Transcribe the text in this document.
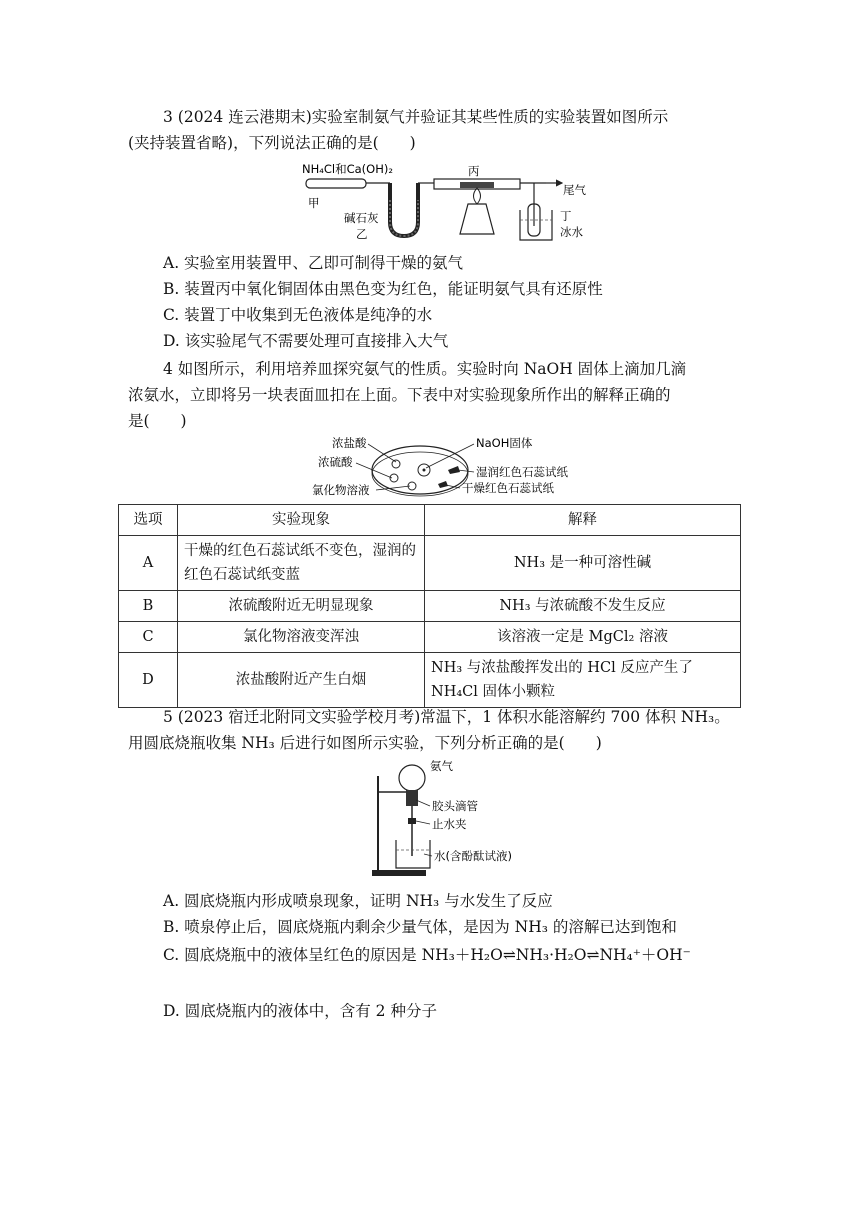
3 (2024 连云港期末)实验室制氨气并验证其某些性质的实验装置如图所示
(夹持装置省略)，下列说法正确的是(　　)
NH₄Cl和Ca(OH)₂	丙
甲
碱石灰
乙
尾气
丁
冰水
A. 实验室用装置甲、乙即可制得干燥的氨气
B. 装置丙中氧化铜固体由黑色变为红色，能证明氨气具有还原性
C. 装置丁中收集到无色液体是纯净的水
D. 该实验尾气不需要处理可直接排入大气
4 如图所示，利用培养皿探究氨气的性质。实验时向 NaOH 固体上滴加几滴
浓氨水，立即将另一块表面皿扣在上面。下表中对实验现象所作出的解释正确的
是(　　)
浓盐酸
浓硫酸
氯化物溶液
NaOH固体
湿润红色石蕊试纸
干燥红色石蕊试纸
选项	实验现象	解释
A	干燥的红色石蕊试纸不变色，湿润的红色石蕊试纸变蓝	NH₃ 是一种可溶性碱
B	浓硫酸附近无明显现象	NH₃ 与浓硫酸不发生反应
C	氯化物溶液变浑浊	该溶液一定是 MgCl₂ 溶液
D	浓盐酸附近产生白烟	NH₃ 与浓盐酸挥发出的 HCl 反应产生了NH₄Cl 固体小颗粒
5 (2023 宿迁北附同文实验学校月考)常温下，1 体积水能溶解约 700 体积 NH₃。
用圆底烧瓶收集 NH₃ 后进行如图所示实验，下列分析正确的是(　　)
氨气
胶头滴管
止水夹
水(含酚酞试液)
A. 圆底烧瓶内形成喷泉现象，证明 NH₃ 与水发生了反应
B. 喷泉停止后，圆底烧瓶内剩余少量气体，是因为 NH₃ 的溶解已达到饱和
C. 圆底烧瓶中的液体呈红色的原因是 NH₃＋H₂O⇌NH₃·H₂O⇌NH₄⁺＋OH⁻
D. 圆底烧瓶内的液体中，含有 2 种分子
